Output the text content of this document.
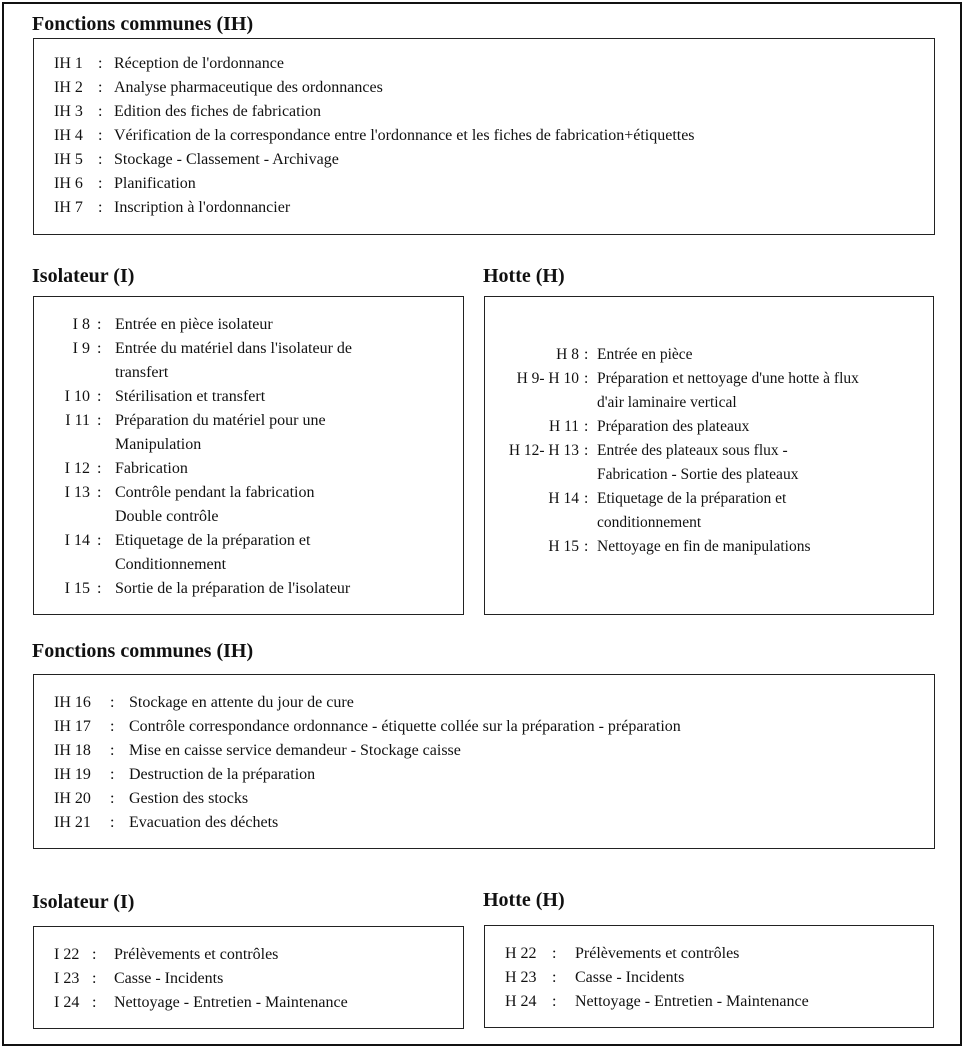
Fonctions communes (IH)
IH 1 : Réception de l'ordonnance
IH 2 : Analyse pharmaceutique des ordonnances
IH 3 : Edition des fiches de fabrication
IH 4 : Vérification de la correspondance entre l'ordonnance et les fiches de fabrication+étiquettes
IH 5 : Stockage - Classement - Archivage
IH 6 : Planification
IH 7 : Inscription à l'ordonnancier
Isolateur (I)
I 8 : Entrée en pièce isolateur
I 9 : Entrée du matériel dans l'isolateur de
transfert
I 10 : Stérilisation et transfert
I 11 : Préparation du matériel pour une
Manipulation
I 12 : Fabrication
I 13 : Contrôle pendant la fabrication
Double contrôle
I 14 : Etiquetage de la préparation et
Conditionnement
I 15 : Sortie de la préparation de l'isolateur
Hotte (H)
H 8 : Entrée en pièce
H 9- H 10 : Préparation et nettoyage d'une hotte à flux
d'air laminaire vertical
H 11 : Préparation des plateaux
H 12- H 13 : Entrée des plateaux sous flux -
Fabrication - Sortie des plateaux
H 14 : Etiquetage de la préparation et
conditionnement
H 15 : Nettoyage en fin de manipulations
Fonctions communes (IH)
IH 16 : Stockage en attente du jour de cure
IH 17 : Contrôle correspondance ordonnance - étiquette collée sur la préparation - préparation
IH 18 : Mise en caisse service demandeur - Stockage caisse
IH 19 : Destruction de la préparation
IH 20 : Gestion des stocks
IH 21 : Evacuation des déchets
Isolateur (I)
I 22 : Prélèvements et contrôles
I 23 : Casse - Incidents
I 24 : Nettoyage - Entretien - Maintenance
Hotte (H)
H 22 : Prélèvements et contrôles
H 23 : Casse - Incidents
H 24 : Nettoyage - Entretien - Maintenance
